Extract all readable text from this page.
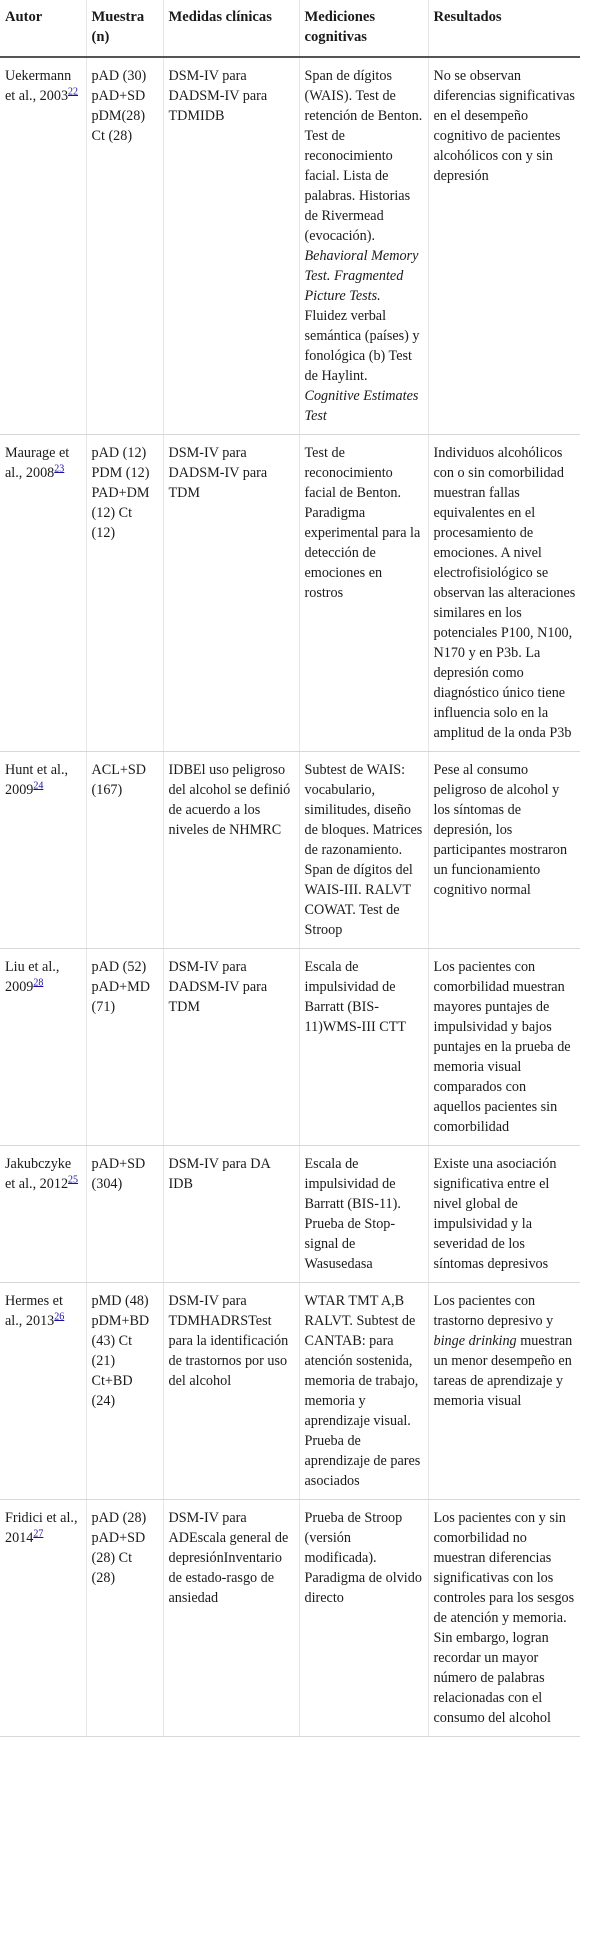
Autor	Muestra (n)	Medidas clínicas	Mediciones cognitivas	Resultados
Uekermann et al., 2003$^{22}$	pAD (30) pAD+SD pDM(28) Ct (28)	DSM-IV para DADSM-IV para TDMIDB	Span de dígitos (WAIS). Test de retención de Benton. Test de reconocimiento facial. Lista de palabras. Historias de Rivermead (evocación). Behavioral Memory Test. Fragmented Picture Tests. Fluidez verbal semántica (países) y fonológica (b) Test de Haylint. Cognitive Estimates Test	No se observan diferencias significativas en el desempeño cognitivo de pacientes alcohólicos con y sin depresión
Maurage et al., 2008$^{23}$	pAD (12) PDM (12) PAD+DM (12) Ct (12)	DSM-IV para DADSM-IV para TDM	Test de reconocimiento facial de Benton. Paradigma experimental para la detección de emociones en rostros	Individuos alcohólicos con o sin comorbilidad muestran fallas equivalentes en el procesamiento de emociones. A nivel electrofisiológico se observan las alteraciones similares en los potenciales P100, N100, N170 y en P3b. La depresión como diagnóstico único tiene influencia solo en la amplitud de la onda P3b
Hunt et al., 2009$^{24}$	ACL+SD (167)	IDBEl uso peligroso del alcohol se definió de acuerdo a los niveles de NHMRC	Subtest de WAIS: vocabulario, similitudes, diseño de bloques. Matrices de razonamiento. Span de dígitos del WAIS-III. RALVT COWAT. Test de Stroop	Pese al consumo peligroso de alcohol y los síntomas de depresión, los participantes mostraron un funcionamiento cognitivo normal
Liu et al., 2009$^{28}$	pAD (52) pAD+MD (71)	DSM-IV para DADSM-IV para TDM	Escala de impulsividad de Barratt (BIS-11)WMS-III CTT	Los pacientes con comorbilidad muestran mayores puntajes de impulsividad y bajos puntajes en la prueba de memoria visual comparados con aquellos pacientes sin comorbilidad
Jakubczyke et al., 2012$^{25}$	pAD+SD (304)	DSM-IV para DA IDB	Escala de impulsividad de Barratt (BIS-11). Prueba de Stop-signal de Wasusedasa	Existe una asociación significativa entre el nivel global de impulsividad y la severidad de los síntomas depresivos
Hermes et al., 2013$^{26}$	pMD (48) pDM+BD (43) Ct (21) Ct+BD (24)	DSM-IV para TDMHADRSTest para la identificación de trastornos por uso del alcohol	WTAR TMT A,B RALVT. Subtest de CANTAB: para atención sostenida, memoria de trabajo, memoria y aprendizaje visual. Prueba de aprendizaje de pares asociados	Los pacientes con trastorno depresivo y binge drinking muestran un menor desempeño en tareas de aprendizaje y memoria visual
Fridici et al., 2014$^{27}$	pAD (28) pAD+SD (28) Ct (28)	DSM-IV para ADEscala general de depresiónInventario de estado-rasgo de ansiedad	Prueba de Stroop (versión modificada). Paradigma de olvido directo	Los pacientes con y sin comorbilidad no muestran diferencias significativas con los controles para los sesgos de atención y memoria. Sin embargo, logran recordar un mayor número de palabras relacionadas con el consumo del alcohol
